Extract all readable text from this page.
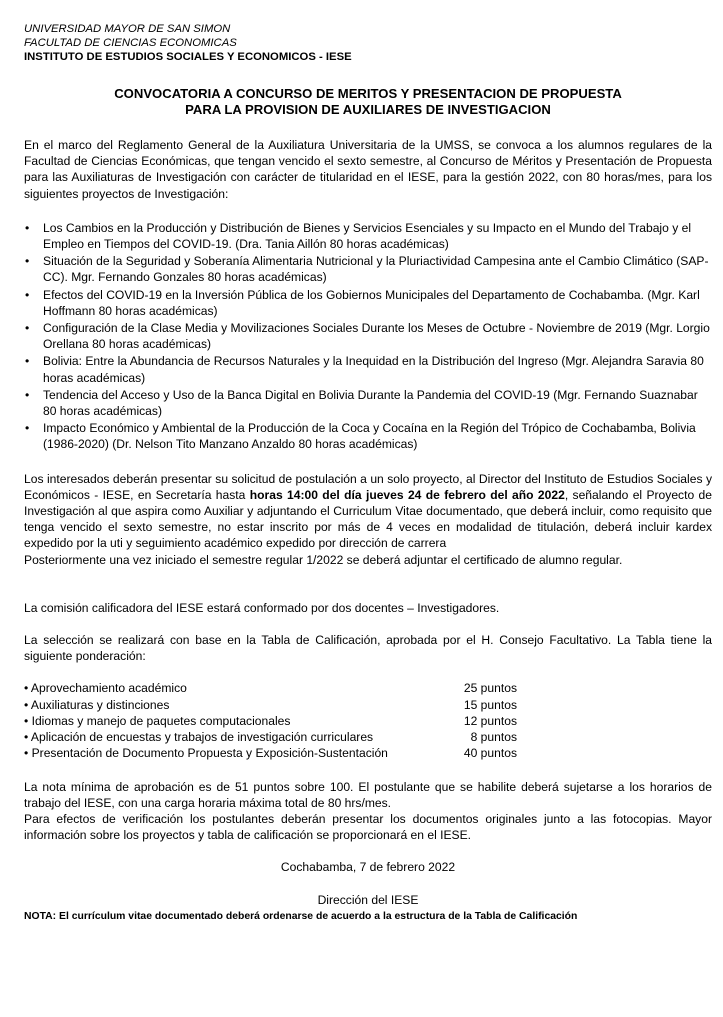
UNIVERSIDAD MAYOR DE SAN SIMON
FACULTAD DE CIENCIAS ECONOMICAS
INSTITUTO DE ESTUDIOS SOCIALES Y ECONOMICOS - IESE
CONVOCATORIA A CONCURSO DE MERITOS Y PRESENTACION DE PROPUESTA
PARA LA PROVISION DE AUXILIARES DE INVESTIGACION

En el marco del Reglamento General de la Auxiliatura Universitaria de la UMSS, se convoca a los alumnos regulares de la Facultad de Ciencias Económicas, que tengan vencido el sexto semestre, al Concurso de Méritos y Presentación de Propuesta para las Auxiliaturas de Investigación con carácter de titularidad en el IESE, para la gestión 2022, con 80 horas/mes, para los siguientes proyectos de Investigación:

• Los Cambios en la Producción y Distribución de Bienes y Servicios Esenciales y su Impacto en el Mundo del Trabajo y el Empleo en Tiempos del COVID-19. (Dra. Tania Aillón 80 horas académicas)
• Situación de la Seguridad y Soberanía Alimentaria Nutricional y la Pluriactividad Campesina ante el Cambio Climático (SAP-CC). Mgr. Fernando Gonzales 80 horas académicas)
• Efectos del COVID-19 en la Inversión Pública de los Gobiernos Municipales del Departamento de Cochabamba. (Mgr. Karl Hoffmann 80 horas académicas)
• Configuración de la Clase Media y Movilizaciones Sociales Durante los Meses de Octubre - Noviembre de 2019 (Mgr. Lorgio Orellana 80 horas académicas)
• Bolivia: Entre la Abundancia de Recursos Naturales y la Inequidad en la Distribución del Ingreso (Mgr. Alejandra Saravia 80 horas académicas)
• Tendencia del Acceso y Uso de la Banca Digital en Bolivia Durante la Pandemia del COVID-19 (Mgr. Fernando Suaznabar 80 horas académicas)
• Impacto Económico y Ambiental de la Producción de la Coca y Cocaína en la Región del Trópico de Cochabamba, Bolivia (1986-2020) (Dr. Nelson Tito Manzano Anzaldo 80 horas académicas)

Los interesados deberán presentar su solicitud de postulación a un solo proyecto, al Director del Instituto de Estudios Sociales y Económicos - IESE, en Secretaría hasta horas 14:00 del día jueves 24 de febrero del año 2022, señalando el Proyecto de Investigación al que aspira como Auxiliar y adjuntando el Curriculum Vitae documentado, que deberá incluir, como requisito que tenga vencido el sexto semestre, no estar inscrito por más de 4 veces en modalidad de titulación, deberá incluir kardex expedido por la uti y seguimiento académico expedido por dirección de carrera

Posteriormente una vez iniciado el semestre regular 1/2022 se deberá adjuntar el certificado de alumno regular.

La comisión calificadora del IESE estará conformado por dos docentes – Investigadores.

La selección se realizará con base en la Tabla de Calificación, aprobada por el H. Consejo Facultativo. La Tabla tiene la siguiente ponderación:

• Aprovechamiento académico	25 puntos
• Auxiliaturas y distinciones	15 puntos
• Idiomas y manejo de paquetes computacionales	12 puntos
• Aplicación de encuestas y trabajos de investigación curriculares	8 puntos
• Presentación de Documento Propuesta y Exposición-Sustentación	40 puntos

La nota mínima de aprobación es de 51 puntos sobre 100. El postulante que se habilite deberá sujetarse a los horarios de trabajo del IESE, con una carga horaria máxima total de 80 hrs/mes.

Para efectos de verificación los postulantes deberán presentar los documentos originales junto a las fotocopias. Mayor información sobre los proyectos y tabla de calificación se proporcionará en el IESE.

Cochabamba, 7 de febrero 2022
Dirección del IESE
NOTA: El currículum vitae documentado deberá ordenarse de acuerdo a la estructura de la Tabla de Calificación
